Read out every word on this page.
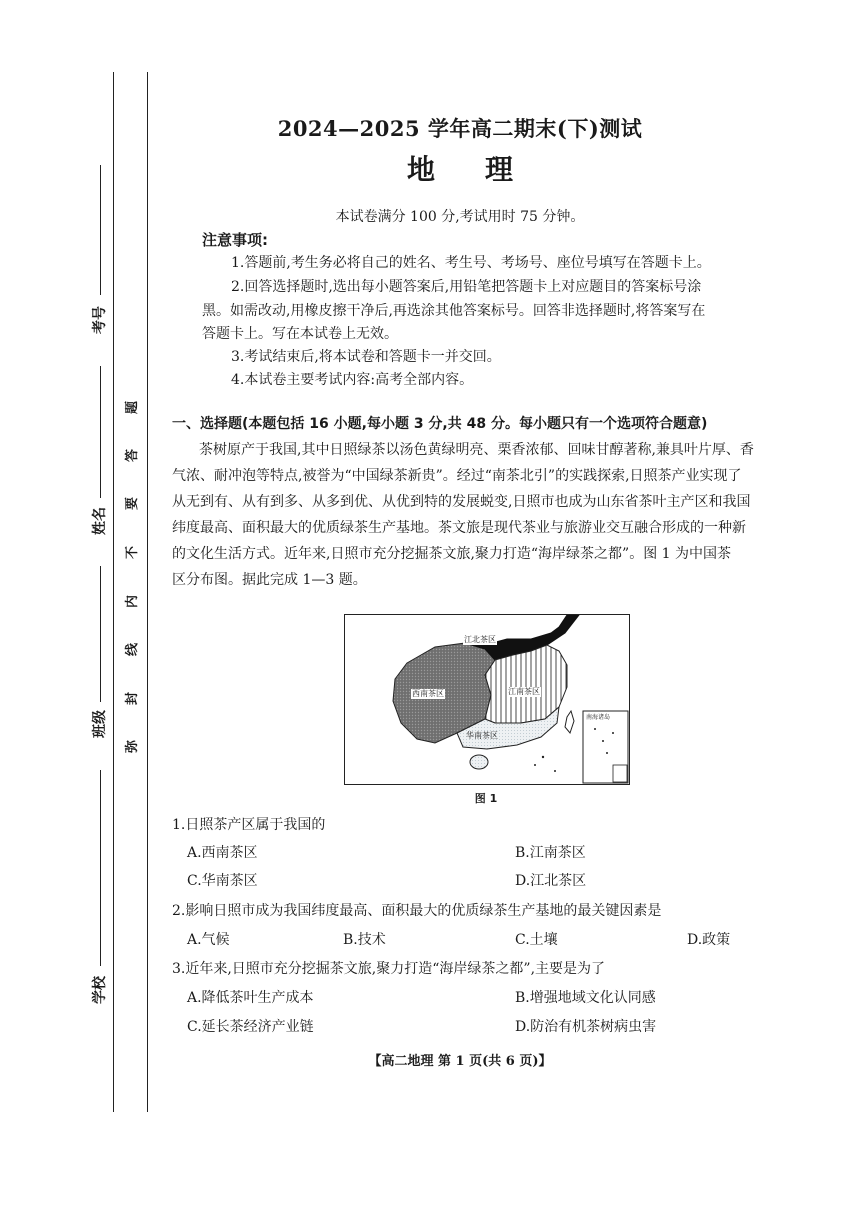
考号
姓名
班级
学校
题
答
要
不
内
线
封
弥
2024—2025 学年高二期末(下)测试
地理
本试卷满分 100 分,考试用时 75 分钟。
注意事项:
1.答题前,考生务必将自己的姓名、考生号、考场号、座位号填写在答题卡上。
2.回答选择题时,选出每小题答案后,用铅笔把答题卡上对应题目的答案标号涂
黑。如需改动,用橡皮擦干净后,再选涂其他答案标号。回答非选择题时,将答案写在
答题卡上。写在本试卷上无效。
3.考试结束后,将本试卷和答题卡一并交回。
4.本试卷主要考试内容:高考全部内容。
一、选择题(本题包括 16 小题,每小题 3 分,共 48 分。每小题只有一个选项符合题意)
茶树原产于我国,其中日照绿茶以汤色黄绿明亮、栗香浓郁、回味甘醇著称,兼具叶片厚、香
气浓、耐冲泡等特点,被誉为“中国绿茶新贵”。经过“南茶北引”的实践探索,日照茶产业实现了
从无到有、从有到多、从多到优、从优到特的发展蜕变,日照市也成为山东省茶叶主产区和我国
纬度最高、面积最大的优质绿茶生产基地。茶文旅是现代茶业与旅游业交互融合形成的一种新
的文化生活方式。近年来,日照市充分挖掘茶文旅,聚力打造“海岸绿茶之都”。图 1 为中国茶
区分布图。据此完成 1—3 题。
江北茶区
西南茶区	江南茶区
华南茶区
南海诸岛
图 1
1.日照茶产区属于我国的
A.西南茶区	B.江南茶区
C.华南茶区	D.江北茶区
2.影响日照市成为我国纬度最高、面积最大的优质绿茶生产基地的最关键因素是
A.气候	B.技术	C.土壤	D.政策
3.近年来,日照市充分挖掘茶文旅,聚力打造“海岸绿茶之都”,主要是为了
A.降低茶叶生产成本	B.增强地域文化认同感
C.延长茶经济产业链	D.防治有机茶树病虫害
【高二地理 第 1 页(共 6 页)】
